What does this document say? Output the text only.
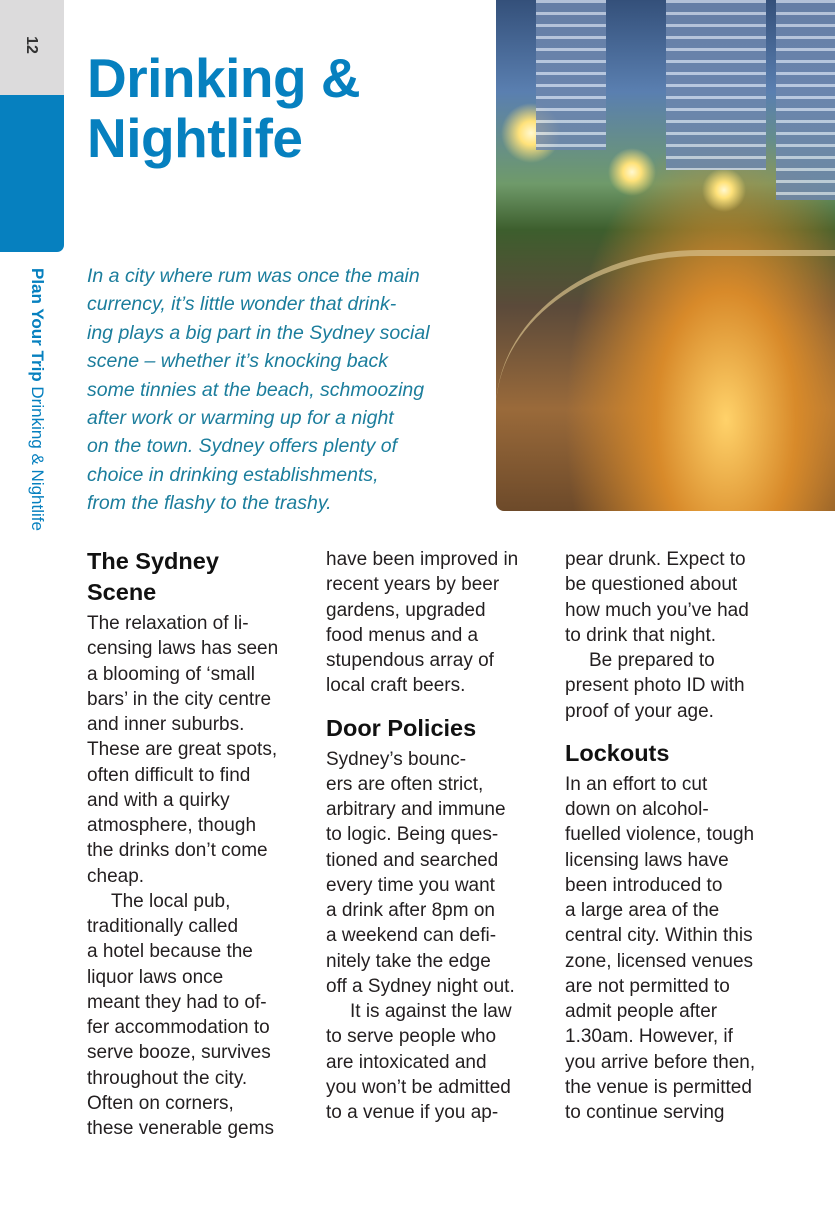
12
Plan Your Trip Drinking & Nightlife
Drinking &
Nightlife
In a city where rum was once the main
currency, it’s little wonder that drink-
ing plays a big part in the Sydney social
scene – whether it’s knocking back
some tinnies at the beach, schmoozing
after work or warming up for a night
on the town. Sydney offers plenty of
choice in drinking establishments,
from the flashy to the trashy.
The Sydney
Scene
The relaxation of li-
censing laws has seen
a blooming of ‘small
bars’ in the city centre
and inner suburbs.
These are great spots,
often difficult to find
and with a quirky
atmosphere, though
the drinks don’t come
cheap.
The local pub,
traditionally called
a hotel because the
liquor laws once
meant they had to of-
fer accommodation to
serve booze, survives
throughout the city.
Often on corners,
these venerable gems
have been improved in
recent years by beer
gardens, upgraded
food menus and a
stupendous array of
local craft beers.
Door Policies
Sydney’s bounc-
ers are often strict,
arbitrary and immune
to logic. Being ques-
tioned and searched
every time you want
a drink after 8pm on
a weekend can defi-
nitely take the edge
off a Sydney night out.
It is against the law
to serve people who
are intoxicated and
you won’t be admitted
to a venue if you ap-
pear drunk. Expect to
be questioned about
how much you’ve had
to drink that night.
Be prepared to
present photo ID with
proof of your age.
Lockouts
In an effort to cut
down on alcohol-
fuelled violence, tough
licensing laws have
been introduced to
a large area of the
central city. Within this
zone, licensed venues
are not permitted to
admit people after
1.30am. However, if
you arrive before then,
the venue is permitted
to continue serving
